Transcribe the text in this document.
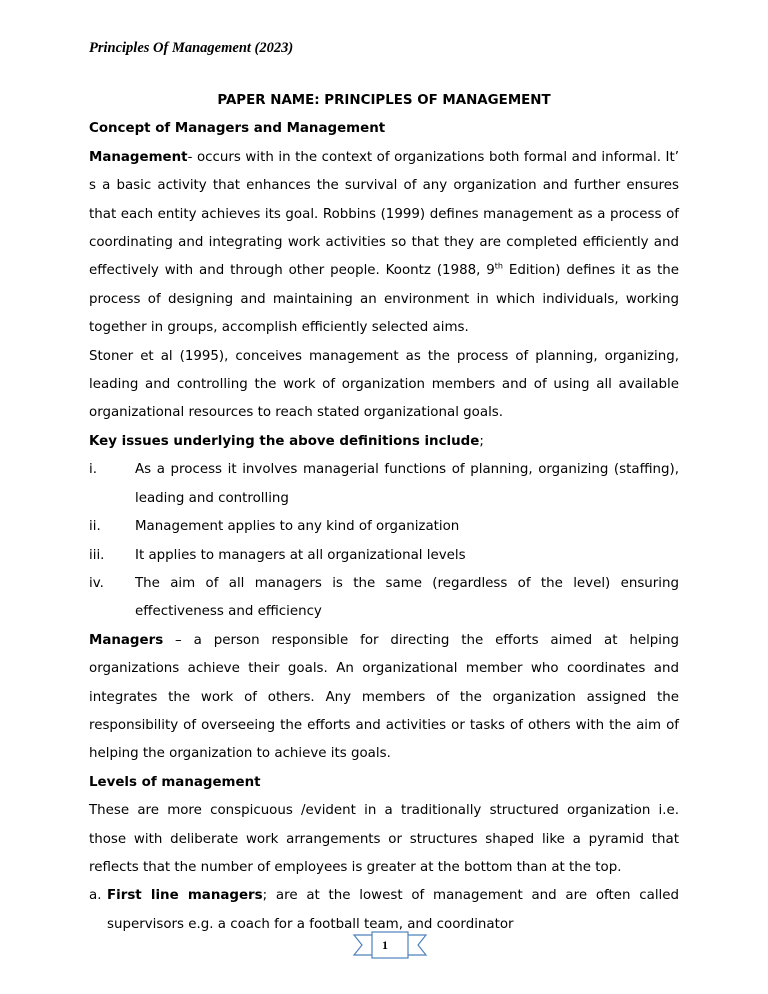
Principles Of Management (2023)

PAPER NAME: PRINCIPLES OF MANAGEMENT

Concept of Managers and Management

Management- occurs with in the context of organizations both formal and informal. It’ s a basic activity that enhances the survival of any organization and further ensures that each entity achieves its goal. Robbins (1999) defines management as a process of coordinating and integrating work activities so that they are completed efficiently and effectively with and through other people. Koontz (1988, 9th Edition) defines it as the process of designing and maintaining an environment in which individuals, working together in groups, accomplish efficiently selected aims.

Stoner et al (1995), conceives management as the process of planning, organizing, leading and controlling the work of organization members and of using all available organizational resources to reach stated organizational goals.

Key issues underlying the above definitions include;

i.	As a process it involves managerial functions of planning, organizing (staffing), leading and controlling
ii.	Management applies to any kind of organization
iii.	It applies to managers at all organizational levels
iv.	The aim of all managers is the same (regardless of the level) ensuring effectiveness and efficiency

Managers – a person responsible for directing the efforts aimed at helping organizations achieve their goals. An organizational member who coordinates and integrates the work of others. Any members of the organization assigned the responsibility of overseeing the efforts and activities or tasks of others with the aim of helping the organization to achieve its goals.

Levels of management

These are more conspicuous /evident in a traditionally structured organization i.e. those with deliberate work arrangements or structures shaped like a pyramid that reflects that the number of employees is greater at the bottom than at the top.

a. First line managers; are at the lowest of management and are often called supervisors e.g. a coach for a football team, and coordinator
1
